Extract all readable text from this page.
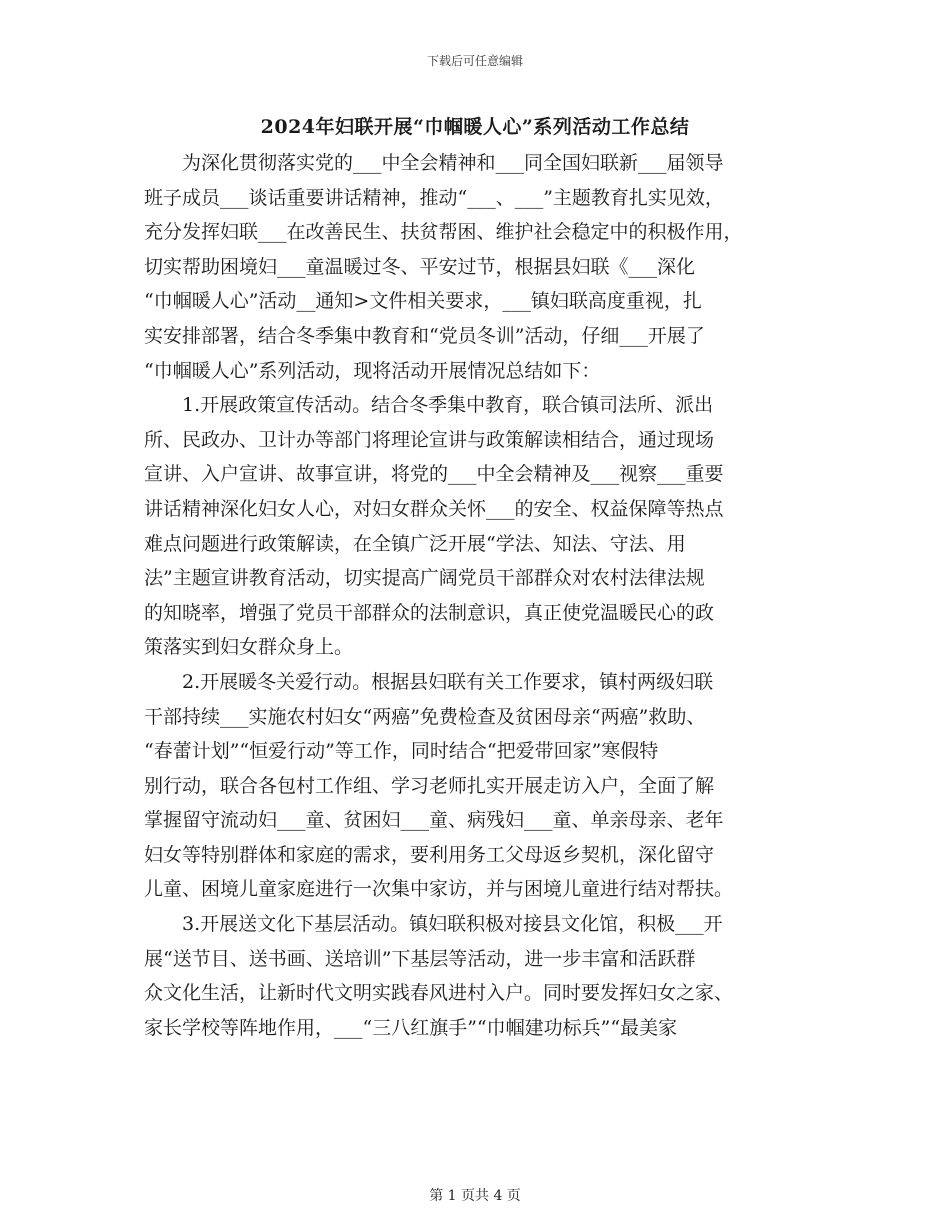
下载后可任意编辑
2024年妇联开展“巾帼暖人心”系列活动工作总结
　　为深化贯彻落实党的___中全会精神和___同全国妇联新___届领导
班子成员___谈话重要讲话精神，推动“___、___”主题教育扎实见效，
充分发挥妇联___在改善民生、扶贫帮困、维护社会稳定中的积极作用，
切实帮助困境妇___童温暖过冬、平安过节，根据县妇联《___深化
“巾帼暖人心”活动__通知>文件相关要求，___镇妇联高度重视，扎
实安排部署，结合冬季集中教育和“党员冬训”活动，仔细___开展了
“巾帼暖人心”系列活动，现将活动开展情况总结如下：
　　1.开展政策宣传活动。结合冬季集中教育，联合镇司法所、派出
所、民政办、卫计办等部门将理论宣讲与政策解读相结合，通过现场
宣讲、入户宣讲、故事宣讲，将党的___中全会精神及___视察___重要
讲话精神深化妇女人心，对妇女群众关怀___的安全、权益保障等热点
难点问题进行政策解读，在全镇广泛开展“学法、知法、守法、用
法”主题宣讲教育活动，切实提高广阔党员干部群众对农村法律法规
的知晓率，增强了党员干部群众的法制意识，真正使党温暖民心的政
策落实到妇女群众身上。
　　2.开展暖冬关爱行动。根据县妇联有关工作要求，镇村两级妇联
干部持续___实施农村妇女“两癌”免费检查及贫困母亲“两癌”救助、
“春蕾计划”“恒爱行动”等工作，同时结合“把爱带回家”寒假特
别行动，联合各包村工作组、学习老师扎实开展走访入户，全面了解
掌握留守流动妇___童、贫困妇___童、病残妇___童、单亲母亲、老年
妇女等特别群体和家庭的需求，要利用务工父母返乡契机，深化留守
儿童、困境儿童家庭进行一次集中家访，并与困境儿童进行结对帮扶。
　　3.开展送文化下基层活动。镇妇联积极对接县文化馆，积极___开
展“送节目、送书画、送培训”下基层等活动，进一步丰富和活跃群
众文化生活，让新时代文明实践春风进村入户。同时要发挥妇女之家、
家长学校等阵地作用，___“三八红旗手”“巾帼建功标兵”“最美家
第 1 页共 4 页
